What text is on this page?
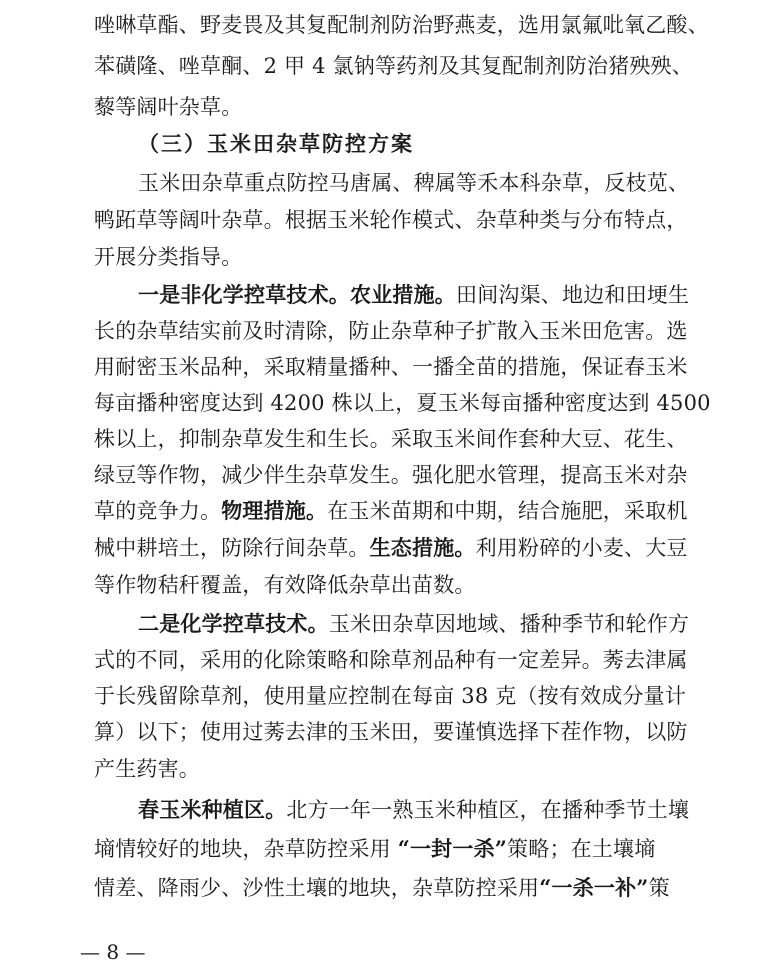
唑啉草酯、野麦畏及其复配制剂防治野燕麦，选用氯氟吡氧乙酸、
苯磺隆、唑草酮、2 甲 4 氯钠等药剂及其复配制剂防治猪殃殃、
藜等阔叶杂草。
（三）玉米田杂草防控方案
玉米田杂草重点防控马唐属、稗属等禾本科杂草，反枝苋、
鸭跖草等阔叶杂草。根据玉米轮作模式、杂草种类与分布特点，
开展分类指导。
一是非化学控草技术。农业措施。田间沟渠、地边和田埂生
长的杂草结实前及时清除，防止杂草种子扩散入玉米田危害。选
用耐密玉米品种，采取精量播种、一播全苗的措施，保证春玉米
每亩播种密度达到 4200 株以上，夏玉米每亩播种密度达到 4500
株以上，抑制杂草发生和生长。采取玉米间作套种大豆、花生、
绿豆等作物，减少伴生杂草发生。强化肥水管理，提高玉米对杂
草的竞争力。物理措施。在玉米苗期和中期，结合施肥，采取机
械中耕培土，防除行间杂草。生态措施。利用粉碎的小麦、大豆
等作物秸秆覆盖，有效降低杂草出苗数。
二是化学控草技术。玉米田杂草因地域、播种季节和轮作方
式的不同，采用的化除策略和除草剂品种有一定差异。莠去津属
于长残留除草剂，使用量应控制在每亩 38 克（按有效成分量计
算）以下；使用过莠去津的玉米田，要谨慎选择下茬作物，以防
产生药害。
春玉米种植区。北方一年一熟玉米种植区，在播种季节土壤
墒情较好的地块，杂草防控采用 “一封一杀”策略；在土壤墒
情差、降雨少、沙性土壤的地块，杂草防控采用“一杀一补”策
— 8 —
